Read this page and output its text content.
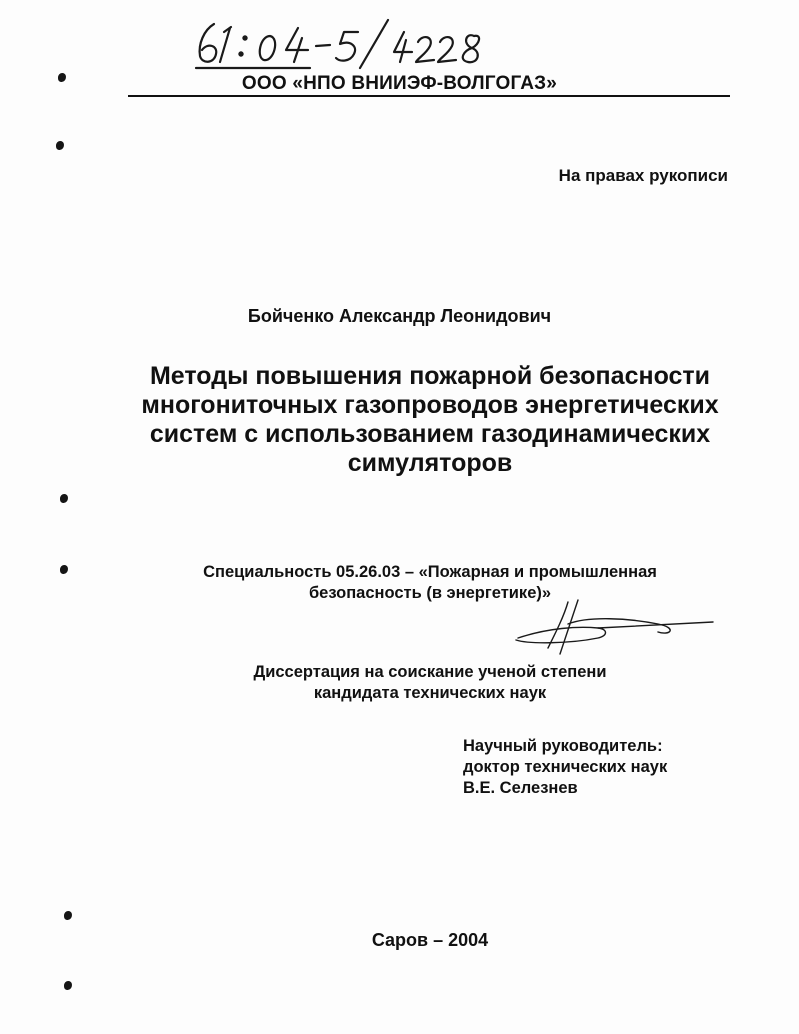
ООО «НПО ВНИИЭФ-ВОЛГОГАЗ»
На правах рукописи
Бойченко Александр Леонидович
Методы повышения пожарной безопасности
многониточных газопроводов энергетических
систем с использованием газодинамических
симуляторов
Специальность 05.26.03 – «Пожарная и промышленная
безопасность (в энергетике)»
Диссертация на соискание ученой степени
кандидата технических наук
Научный руководитель:
доктор технических наук
В.Е. Селезнев
Саров – 2004
